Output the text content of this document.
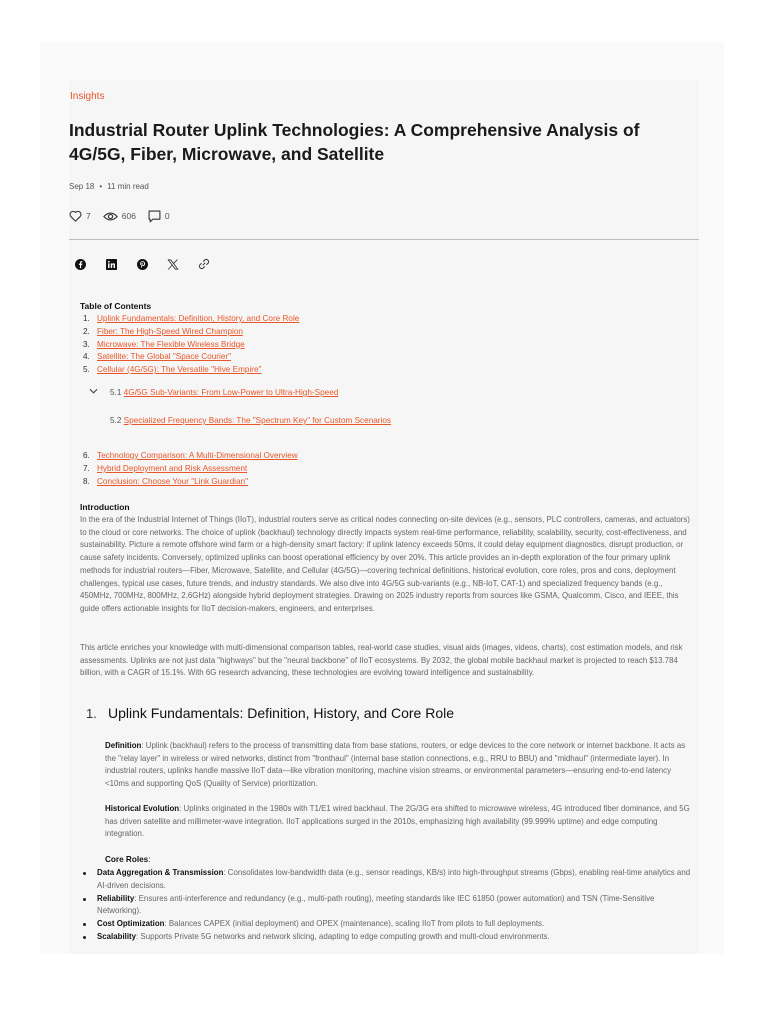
Insights
Industrial Router Uplink Technologies: A Comprehensive Analysis of 4G/5G, Fiber, Microwave, and Satellite
Sep 18 • 11 min read
7	606	0
Table of Contents
1. Uplink Fundamentals: Definition, History, and Core Role
2. Fiber: The High-Speed Wired Champion
3. Microwave: The Flexible Wireless Bridge
4. Satellite: The Global "Space Courier"
5. Cellular (4G/5G): The Versatile "Hive Empire"
5.1 4G/5G Sub-Variants: From Low-Power to Ultra-High-Speed
5.2 Specialized Frequency Bands: The "Spectrum Key" for Custom Scenarios
6. Technology Comparison: A Multi-Dimensional Overview
7. Hybrid Deployment and Risk Assessment
8. Conclusion: Choose Your "Link Guardian"
Introduction

In the era of the Industrial Internet of Things (IIoT), industrial routers serve as critical nodes connecting on-site devices (e.g., sensors, PLC controllers, cameras, and actuators) to the cloud or core networks. The choice of uplink (backhaul) technology directly impacts system real-time performance, reliability, scalability, security, cost-effectiveness, and sustainability. Picture a remote offshore wind farm or a high-density smart factory: if uplink latency exceeds 50ms, it could delay equipment diagnostics, disrupt production, or cause safety incidents. Conversely, optimized uplinks can boost operational efficiency by over 20%. This article provides an in-depth exploration of the four primary uplink methods for industrial routers—Fiber, Microwave, Satellite, and Cellular (4G/5G)—covering technical definitions, historical evolution, core roles, pros and cons, deployment challenges, typical use cases, future trends, and industry standards. We also dive into 4G/5G sub-variants (e.g., NB-IoT, CAT-1) and specialized frequency bands (e.g., 450MHz, 700MHz, 800MHz, 2.6GHz) alongside hybrid deployment strategies. Drawing on 2025 industry reports from sources like GSMA, Qualcomm, Cisco, and IEEE, this guide offers actionable insights for IIoT decision-makers, engineers, and enterprises.

This article enriches your knowledge with multi-dimensional comparison tables, real-world case studies, visual aids (images, videos, charts), cost estimation models, and risk assessments. Uplinks are not just data "highways" but the "neural backbone" of IIoT ecosystems. By 2032, the global mobile backhaul market is projected to reach $13.784 billion, with a CAGR of 15.1%. With 6G research advancing, these technologies are evolving toward intelligence and sustainability.

1. Uplink Fundamentals: Definition, History, and Core Role

Definition: Uplink (backhaul) refers to the process of transmitting data from base stations, routers, or edge devices to the core network or internet backbone. It acts as the "relay layer" in wireless or wired networks, distinct from "fronthaul" (internal base station connections, e.g., RRU to BBU) and "midhaul" (intermediate layer). In industrial routers, uplinks handle massive IIoT data—like vibration monitoring, machine vision streams, or environmental parameters—ensuring end-to-end latency <10ms and supporting QoS (Quality of Service) prioritization.

Historical Evolution: Uplinks originated in the 1980s with T1/E1 wired backhaul. The 2G/3G era shifted to microwave wireless, 4G introduced fiber dominance, and 5G has driven satellite and millimeter-wave integration. IIoT applications surged in the 2010s, emphasizing high availability (99.999% uptime) and edge computing integration.

Core Roles:
Data Aggregation & Transmission: Consolidates low-bandwidth data (e.g., sensor readings, KB/s) into high-throughput streams (Gbps), enabling real-time analytics and AI-driven decisions.
Reliability: Ensures anti-interference and redundancy (e.g., multi-path routing), meeting standards like IEC 61850 (power automation) and TSN (Time-Sensitive Networking).
Cost Optimization: Balances CAPEX (initial deployment) and OPEX (maintenance), scaling IIoT from pilots to full deployments.
Scalability: Supports Private 5G networks and network slicing, adapting to edge computing growth and multi-cloud environments.
